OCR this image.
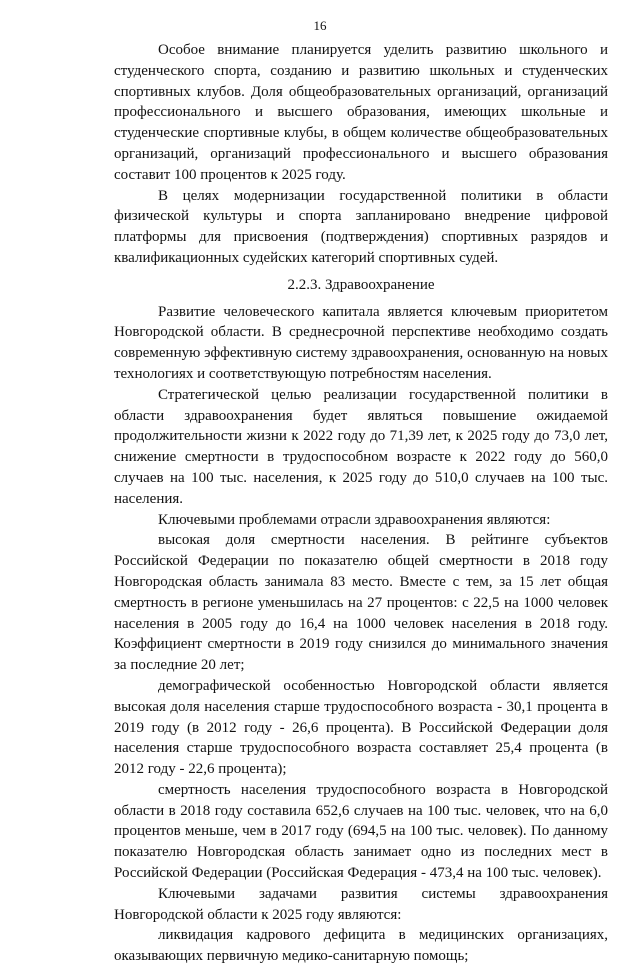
16

Особое внимание планируется уделить развитию школьного и студенческого спорта, созданию и развитию школьных и студенческих спортивных клубов. Доля общеобразовательных организаций, организаций профессионального и высшего образования, имеющих школьные и студенческие спортивные клубы, в общем количестве общеобразовательных организаций, организаций профессионального и высшего образования составит 100 процентов к 2025 году.

В целях модернизации государственной политики в области физической культуры и спорта запланировано внедрение цифровой платформы для присвоения (подтверждения) спортивных разрядов и квалификационных судейских категорий спортивных судей.

2.2.3. Здравоохранение

Развитие человеческого капитала является ключевым приоритетом Новгородской области. В среднесрочной перспективе необходимо создать современную эффективную систему здравоохранения, основанную на новых технологиях и соответствующую потребностям населения.

Стратегической целью реализации государственной политики в области здравоохранения будет являться повышение ожидаемой продолжительности жизни к 2022 году до 71,39 лет, к 2025 году до 73,0 лет, снижение смертности в трудоспособном возрасте к 2022 году до 560,0 случаев на 100 тыс. населения, к 2025 году до 510,0 случаев на 100 тыс. населения.

Ключевыми проблемами отрасли здравоохранения являются:

высокая доля смертности населения. В рейтинге субъектов Российской Федерации по показателю общей смертности в 2018 году Новгородская область занимала 83 место. Вместе с тем, за 15 лет общая смертность в регионе уменьшилась на 27 процентов: с 22,5 на 1000 человек населения в 2005 году до 16,4 на 1000 человек населения в 2018 году. Коэффициент смертности в 2019 году снизился до минимального значения за последние 20 лет;

демографической особенностью Новгородской области является высокая доля населения старше трудоспособного возраста - 30,1 процента в 2019 году (в 2012 году - 26,6 процента). В Российской Федерации доля населения старше трудоспособного возраста составляет 25,4 процента (в 2012 году - 22,6 процента);

смертность населения трудоспособного возраста в Новгородской области в 2018 году составила 652,6 случаев на 100 тыс. человек, что на 6,0 процентов меньше, чем в 2017 году (694,5 на 100 тыс. человек). По данному показателю Новгородская область занимает одно из последних мест в Российской Федерации (Российская Федерация - 473,4 на 100 тыс. человек).

Ключевыми задачами развития системы здравоохранения Новгородской области к 2025 году являются:

ликвидация кадрового дефицита в медицинских организациях, оказывающих первичную медико-санитарную помощь;
